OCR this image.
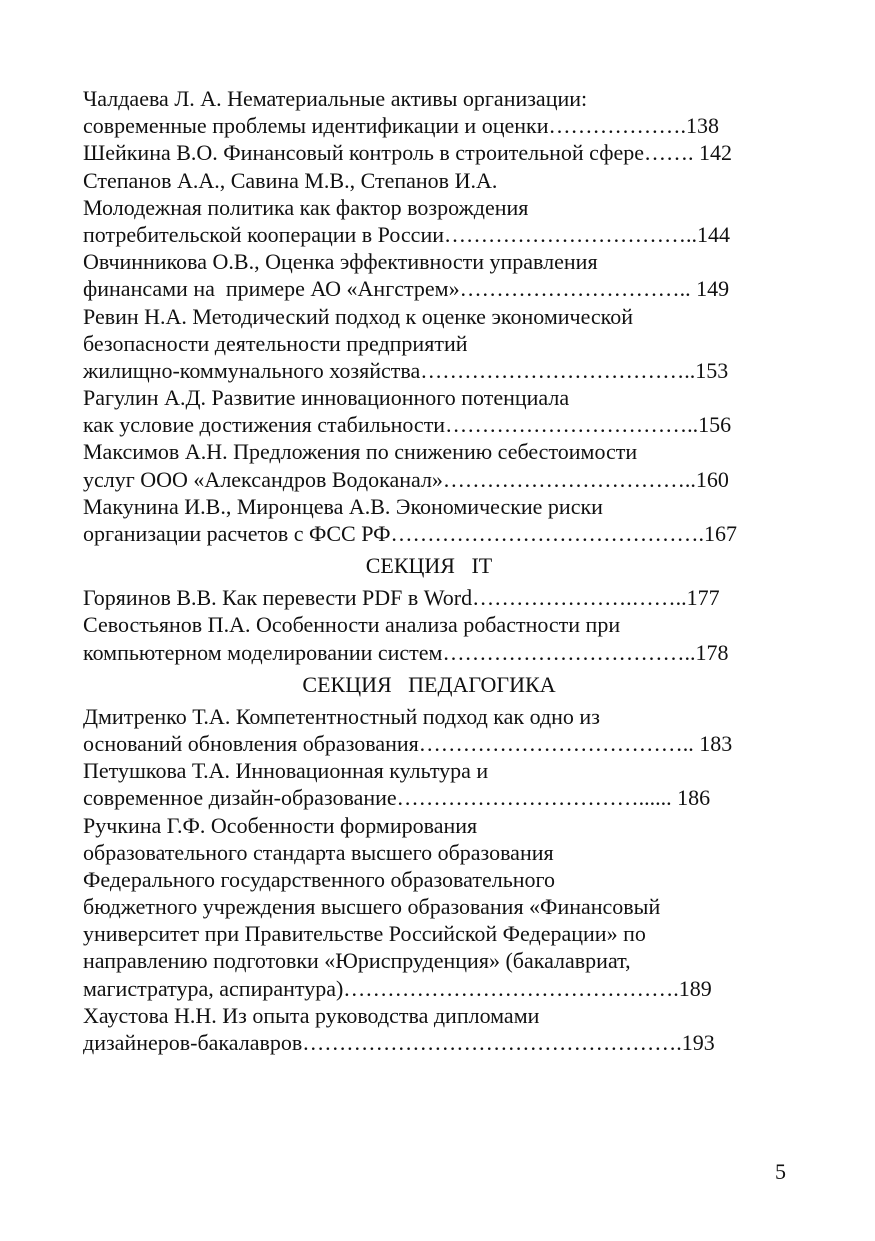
Чалдаева Л. А. Нематериальные активы организации:
современные проблемы идентификации и оценки……………….138
Шейкина В.О. Финансовый контроль в строительной сфере……. 142
Степанов А.А., Савина М.В., Степанов И.А.
Молодежная политика как фактор возрождения
потребительской кооперации в России……………………………..144
Овчинникова О.В., Оценка эффективности управления
финансами на  примере АО «Ангстрем»………………………….. 149
Ревин Н.А. Методический подход к оценке экономической
безопасности деятельности предприятий
жилищно-коммунального хозяйства………………………………..153
Рагулин А.Д. Развитие инновационного потенциала
как условие достижения стабильности……………………………..156
Максимов А.Н. Предложения по снижению себестоимости
услуг ООО «Александров Водоканал»……………………………..160
Макунина И.В., Миронцева А.В. Экономические риски
организации расчетов с ФСС РФ…………………………………….167
СЕКЦИЯ   IT
Горяинов В.В. Как перевести PDF в Word………………….……..177
Севостьянов П.А. Особенности анализа робастности при
компьютерном моделировании систем……………………………..178
СЕКЦИЯ   ПЕДАГОГИКА
Дмитренко Т.А. Компетентностный подход как одно из
оснований обновления образования……………………………….. 183
Петушкова Т.А. Инновационная культура и
современное дизайн-образование……………………………...... 186
Ручкина Г.Ф. Особенности формирования
образовательного стандарта высшего образования
Федерального государственного образовательного
бюджетного учреждения высшего образования «Финансовый
университет при Правительстве Российской Федерации» по
направлению подготовки «Юриспруденция» (бакалавриат,
магистратура, аспирантура)……………………………………….189
Хаустова Н.Н. Из опыта руководства дипломами
дизайнеров-бакалавров…………………………………………….193
5
